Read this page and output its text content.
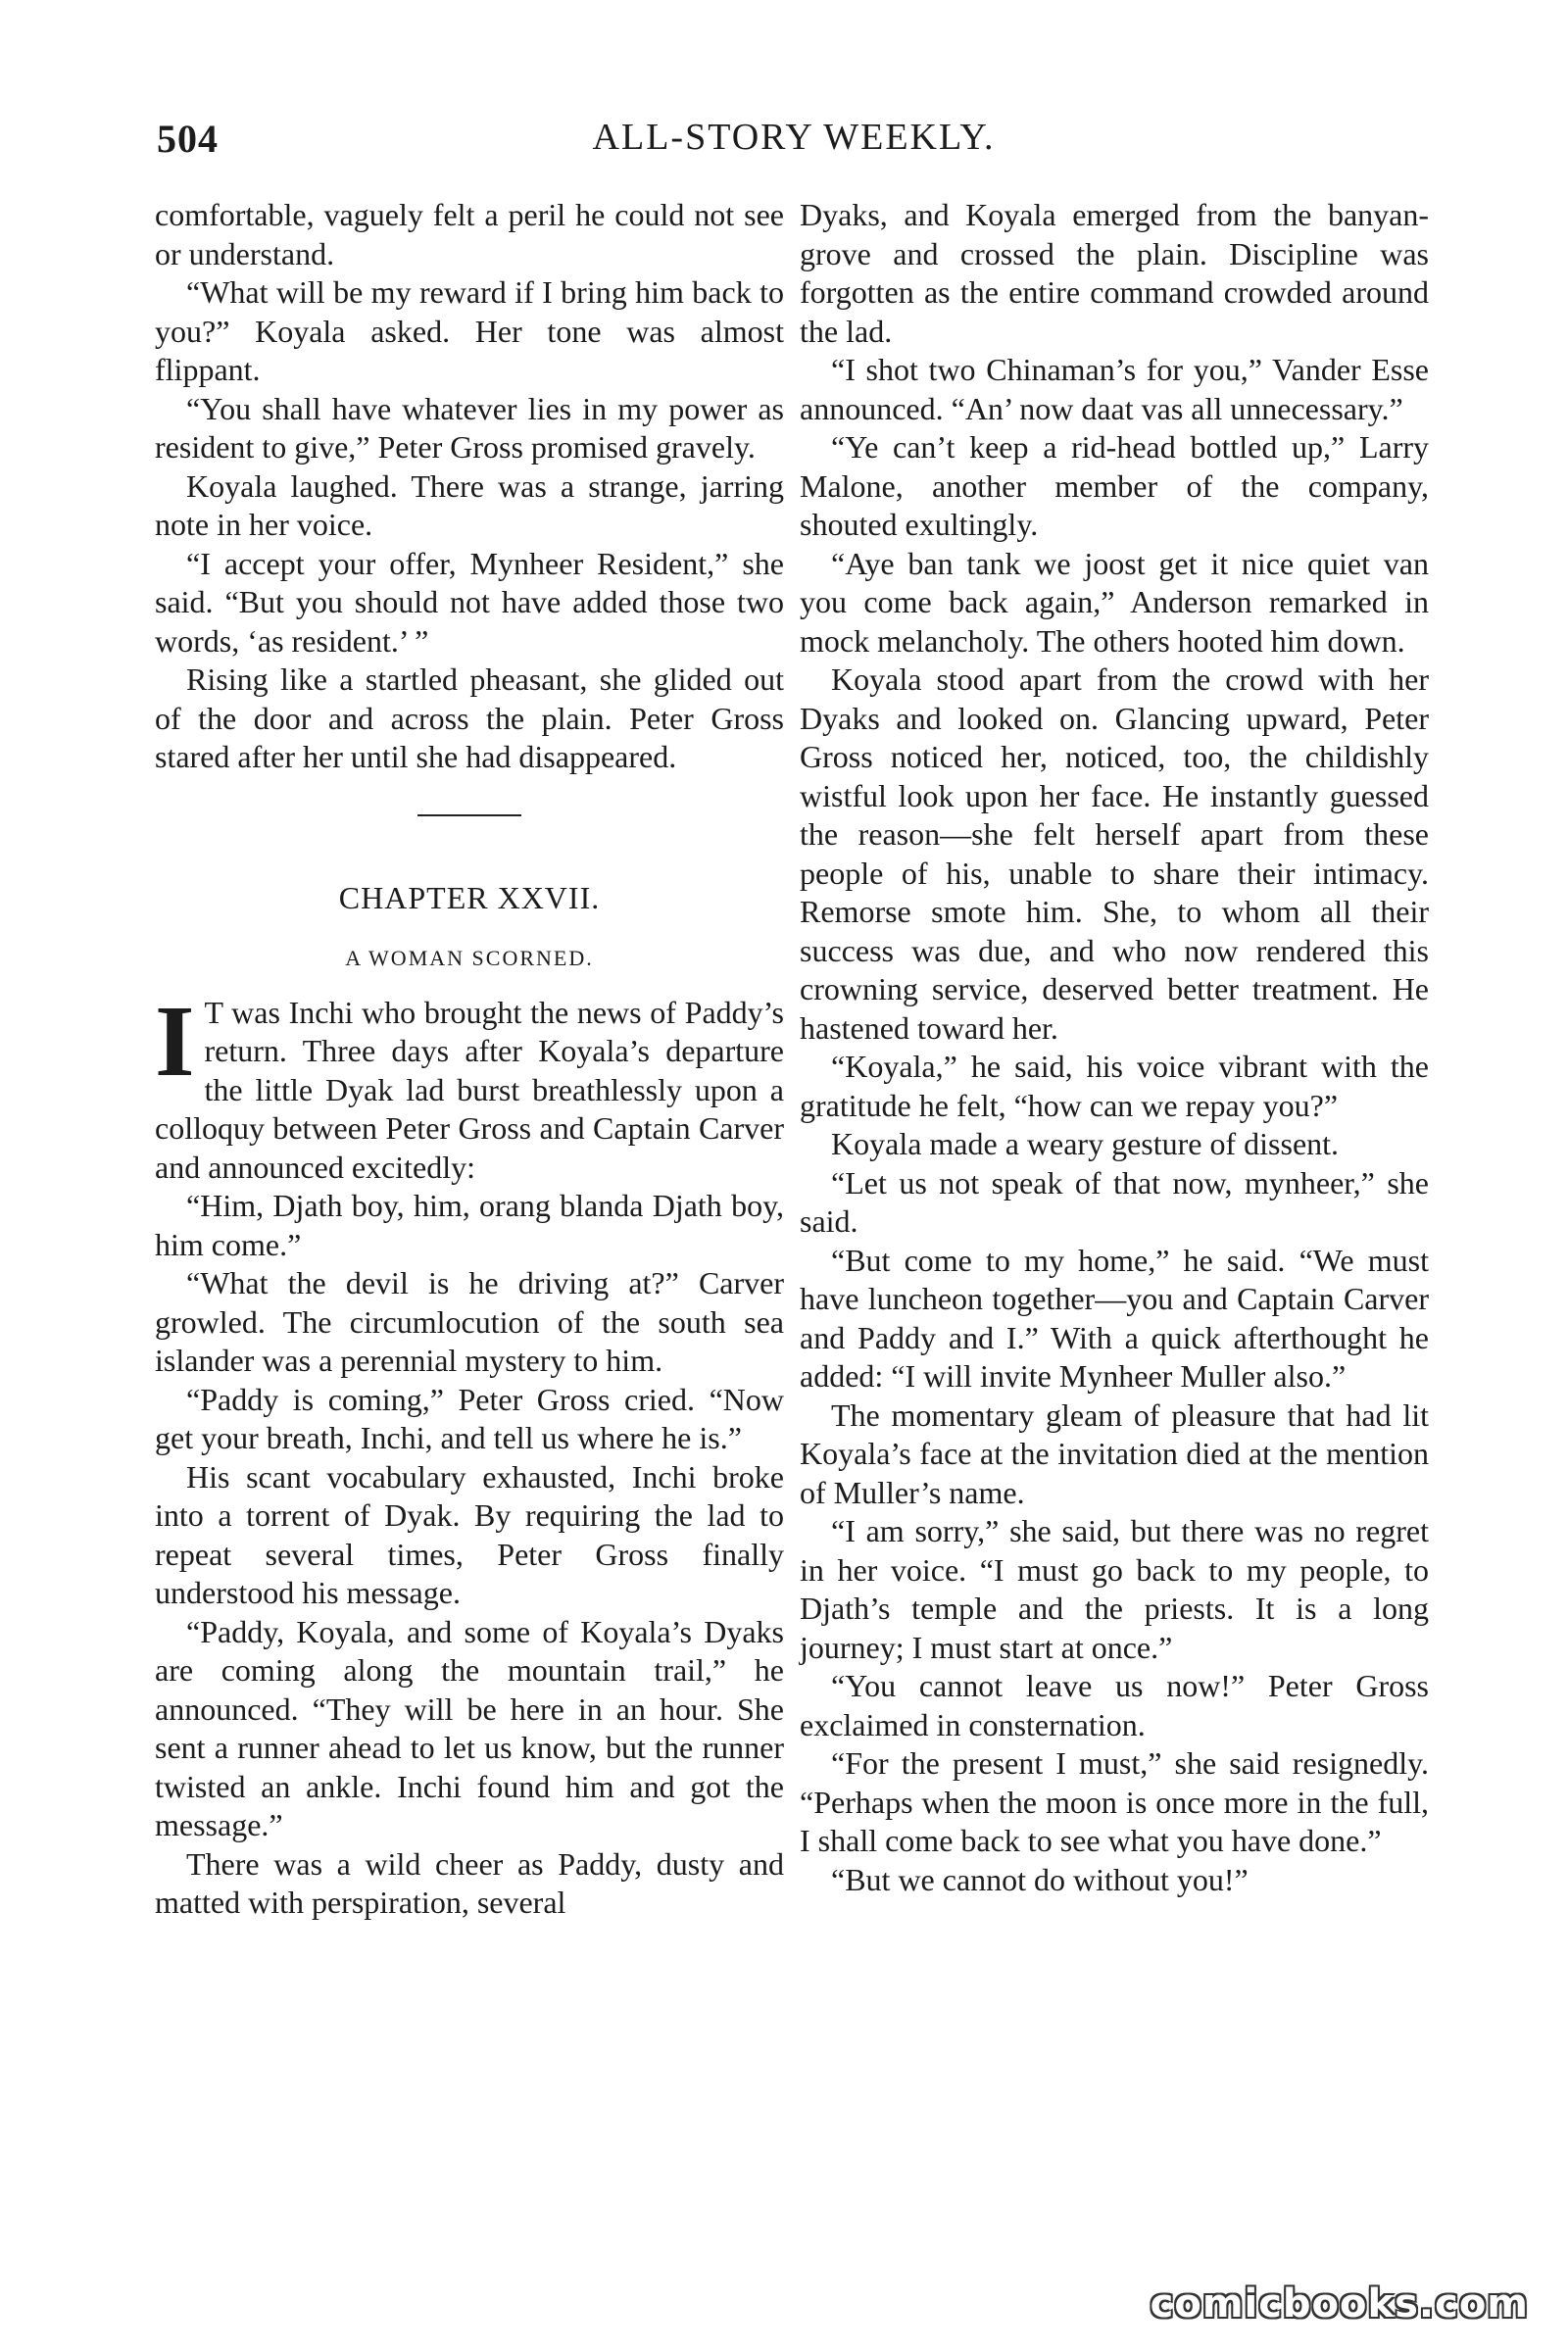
504	ALL-STORY WEEKLY.

comfortable, vaguely felt a peril he could not see or understand.

“What will be my reward if I bring him back to you?” Koyala asked. Her tone was almost flippant.

“You shall have whatever lies in my power as resident to give,” Peter Gross promised gravely.

Koyala laughed. There was a strange, jarring note in her voice.

“I accept your offer, Mynheer Resident,” she said. “But you should not have added those two words, ‘as resident.’ ”

Rising like a startled pheasant, she glided out of the door and across the plain. Peter Gross stared after her until she had disappeared.

CHAPTER XXVII.
A WOMAN SCORNED.

I T was Inchi who brought the news of Paddy’s return. Three days after Koyala’s departure the little Dyak lad burst breathlessly upon a colloquy between Peter Gross and Captain Carver and announced excitedly:

“Him, Djath boy, him, orang blanda Djath boy, him come.”

“What the devil is he driving at?” Carver growled. The circumlocution of the south sea islander was a perennial mystery to him.

“Paddy is coming,” Peter Gross cried. “Now get your breath, Inchi, and tell us where he is.”

His scant vocabulary exhausted, Inchi broke into a torrent of Dyak. By requiring the lad to repeat several times, Peter Gross finally understood his message.

“Paddy, Koyala, and some of Koyala’s Dyaks are coming along the mountain trail,” he announced. “They will be here in an hour. She sent a runner ahead to let us know, but the runner twisted an ankle. Inchi found him and got the message.”

There was a wild cheer as Paddy, dusty and matted with perspiration, several

Dyaks, and Koyala emerged from the banyan-grove and crossed the plain. Discipline was forgotten as the entire command crowded around the lad.

“I shot two Chinaman’s for you,” Vander Esse announced. “An’ now daat vas all unnecessary.”

“Ye can’t keep a rid-head bottled up,” Larry Malone, another member of the company, shouted exultingly.

“Aye ban tank we joost get it nice quiet van you come back again,” Anderson remarked in mock melancholy. The others hooted him down.

Koyala stood apart from the crowd with her Dyaks and looked on. Glancing upward, Peter Gross noticed her, noticed, too, the childishly wistful look upon her face. He instantly guessed the reason—she felt herself apart from these people of his, unable to share their intimacy. Remorse smote him. She, to whom all their success was due, and who now rendered this crowning service, deserved better treatment. He hastened toward her.

“Koyala,” he said, his voice vibrant with the gratitude he felt, “how can we repay you?”

Koyala made a weary gesture of dissent.

“Let us not speak of that now, mynheer,” she said.

“But come to my home,” he said. “We must have luncheon together—you and Captain Carver and Paddy and I.” With a quick afterthought he added: “I will invite Mynheer Muller also.”

The momentary gleam of pleasure that had lit Koyala’s face at the invitation died at the mention of Muller’s name.

“I am sorry,” she said, but there was no regret in her voice. “I must go back to my people, to Djath’s temple and the priests. It is a long journey; I must start at once.”

“You cannot leave us now!” Peter Gross exclaimed in consternation.

“For the present I must,” she said resignedly. “Perhaps when the moon is once more in the full, I shall come back to see what you have done.”

“But we cannot do without you!”

comicbooks.com
